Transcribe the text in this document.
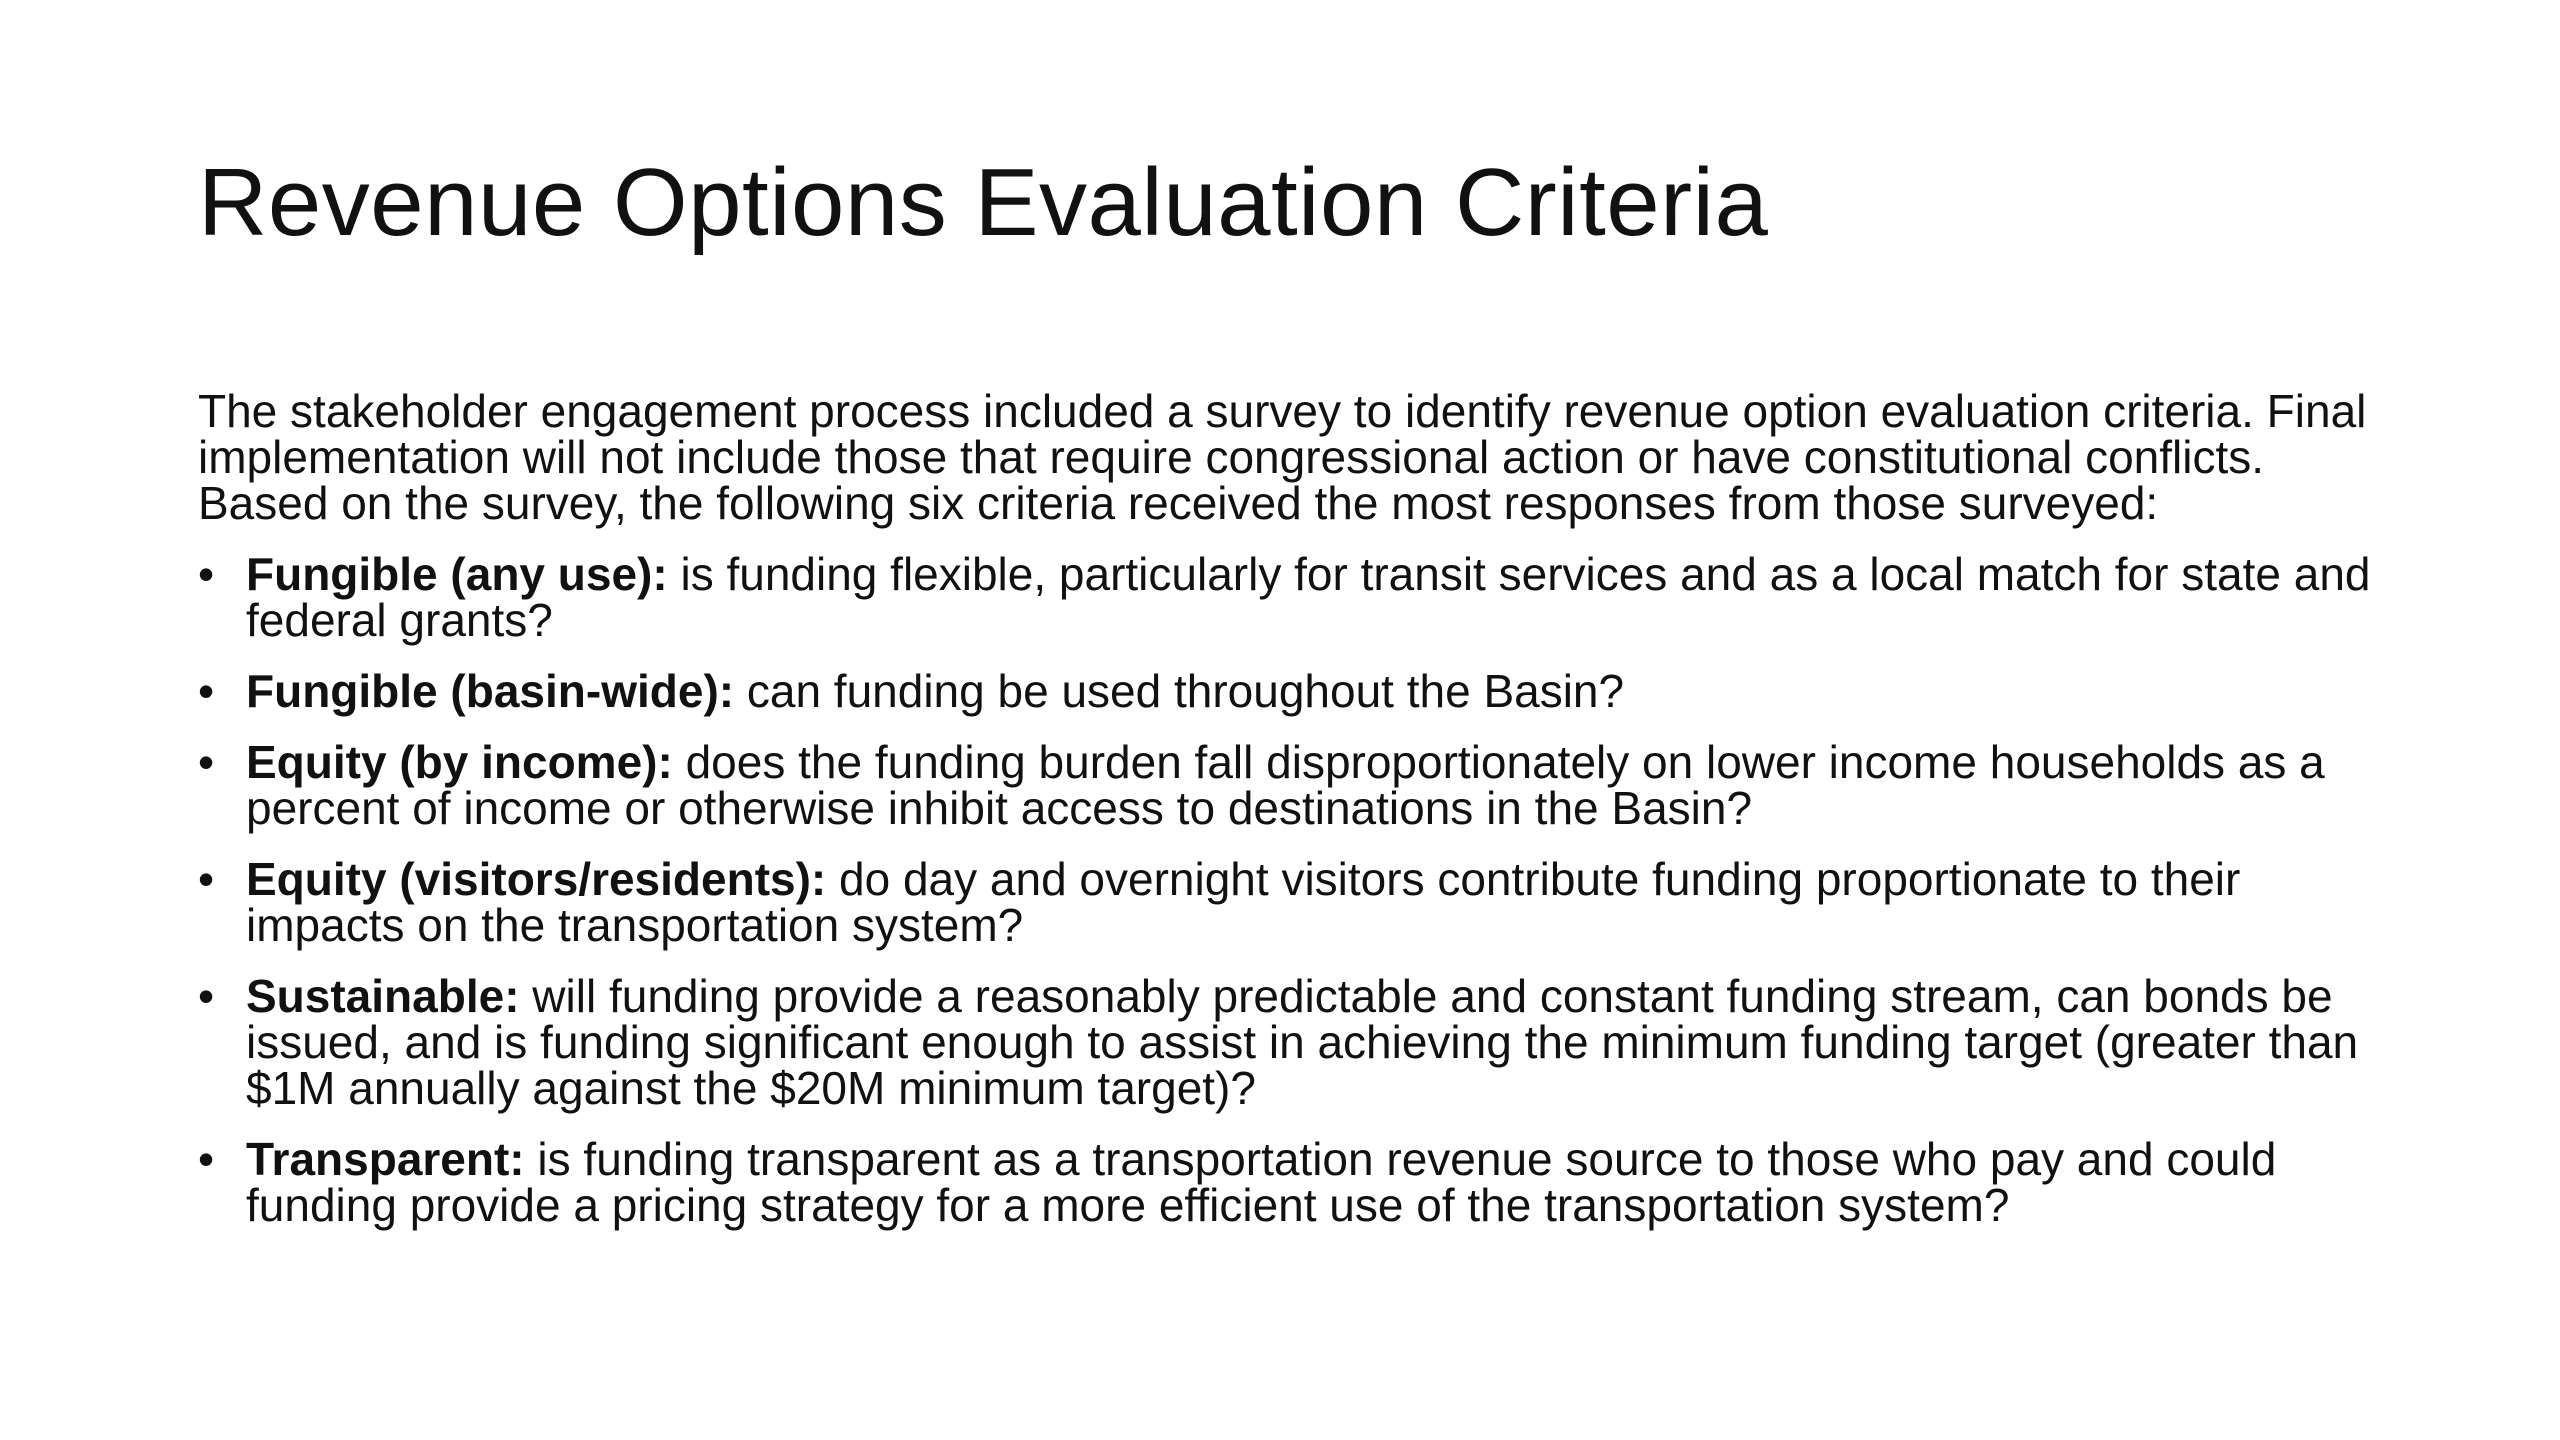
Revenue Options Evaluation Criteria

The stakeholder engagement process included a survey to identify revenue option evaluation criteria. Final implementation will not include those that require congressional action or have constitutional conflicts. Based on the survey, the following six criteria received the most responses from those surveyed:

• Fungible (any use): is funding flexible, particularly for transit services and as a local match for state and federal grants?
• Fungible (basin-wide): can funding be used throughout the Basin?
• Equity (by income): does the funding burden fall disproportionately on lower income households as a percent of income or otherwise inhibit access to destinations in the Basin?
• Equity (visitors/residents): do day and overnight visitors contribute funding proportionate to their impacts on the transportation system?
• Sustainable: will funding provide a reasonably predictable and constant funding stream, can bonds be issued, and is funding significant enough to assist in achieving the minimum funding target (greater than $1M annually against the $20M minimum target)?
• Transparent: is funding transparent as a transportation revenue source to those who pay and could funding provide a pricing strategy for a more efficient use of the transportation system?
